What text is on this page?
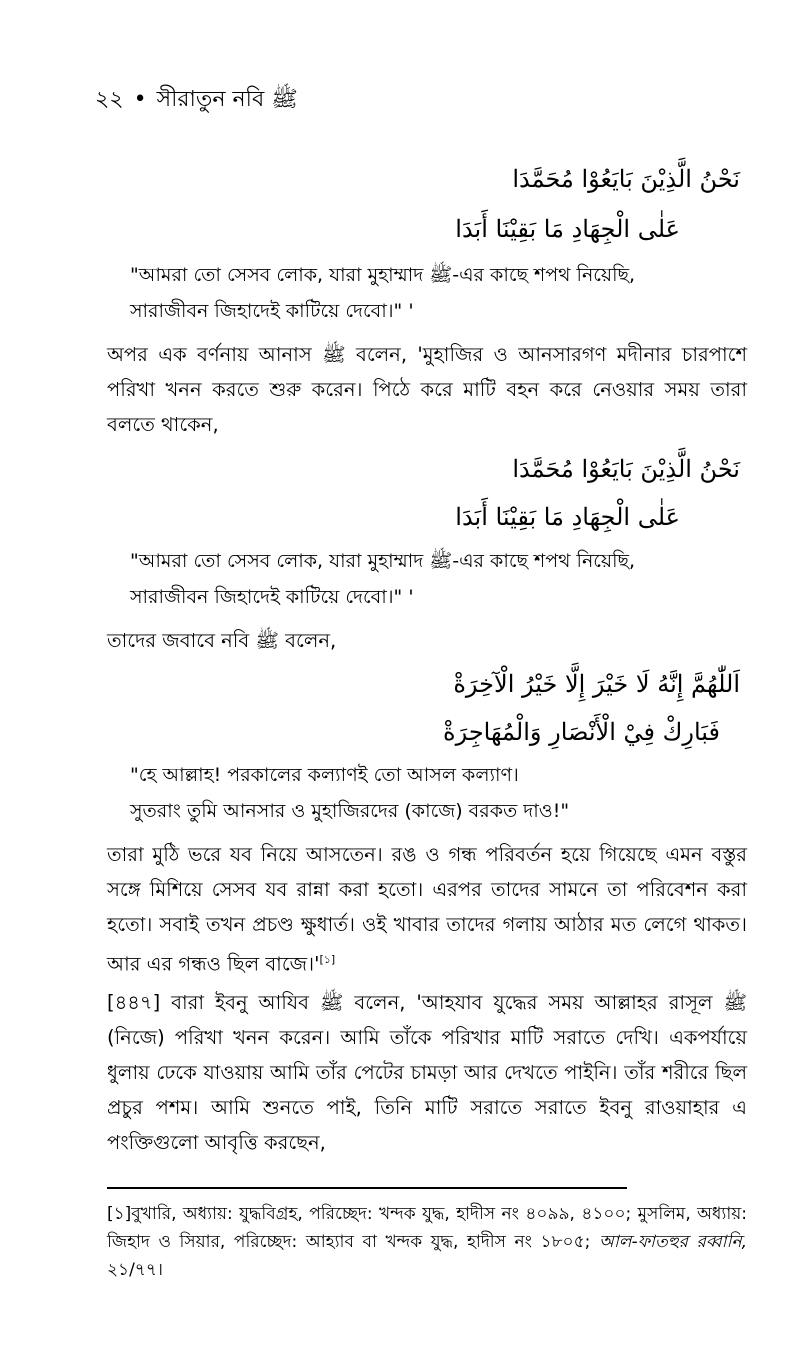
২২ • সীরাতুন নবি ﷺ
نَحْنُ الَّذِيْنَ بَايَعُوْا مُحَمَّدَا
عَلٰى الْجِهَادِ مَا بَقِيْنَا أَبَدَا
"আমরা তো সেসব লোক, যারা মুহাম্মাদ ﷺ-এর কাছে শপথ নিয়েছি,
সারাজীবন জিহাদেই কাটিয়ে দেবো।" '
অপর এক বর্ণনায় আনাস ﷺ বলেন, 'মুহাজির ও আনসারগণ মদীনার চারপাশে পরিখা খনন করতে শুরু করেন। পিঠে করে মাটি বহন করে নেওয়ার সময় তারা বলতে থাকেন,
نَحْنُ الَّذِيْنَ بَايَعُوْا مُحَمَّدَا
عَلٰى الْجِهَادِ مَا بَقِيْنَا أَبَدَا
"আমরা তো সেসব লোক, যারা মুহাম্মাদ ﷺ-এর কাছে শপথ নিয়েছি,
সারাজীবন জিহাদেই কাটিয়ে দেবো।" '
তাদের জবাবে নবি ﷺ বলেন,
اَللّٰهُمَّ إِنَّهُ لَا خَيْرَ إِلَّا خَيْرُ الْآخِرَةْ
فَبَارِكْ فِيْ الْأَنْصَارِ وَالْمُهَاجِرَةْ
"হে আল্লাহ! পরকালের কল্যাণই তো আসল কল্যাণ।
সুতরাং তুমি আনসার ও মুহাজিরদের (কাজে) বরকত দাও!"
তারা মুঠি ভরে যব নিয়ে আসতেন। রঙ ও গন্ধ পরিবর্তন হয়ে গিয়েছে এমন বস্তুর সঙ্গে মিশিয়ে সেসব যব রান্না করা হতো। এরপর তাদের সামনে তা পরিবেশন করা হতো। সবাই তখন প্রচণ্ড ক্ষুধার্ত। ওই খাবার তাদের গলায় আঠার মত লেগে থাকত। আর এর গন্ধও ছিল বাজে।'[১]
[৪৪৭] বারা ইবনু আযিব ﷺ বলেন, 'আহযাব যুদ্ধের সময় আল্লাহর রাসূল ﷺ (নিজে) পরিখা খনন করেন। আমি তাঁকে পরিখার মাটি সরাতে দেখি। একপর্যায়ে ধুলায় ঢেকে যাওয়ায় আমি তাঁর পেটের চামড়া আর দেখতে পাইনি। তাঁর শরীরে ছিল প্রচুর পশম। আমি শুনতে পাই, তিনি মাটি সরাতে সরাতে ইবনু রাওয়াহার এ পংক্তিগুলো আবৃত্তি করছেন,
[১]বুখারি, অধ্যায়: যুদ্ধবিগ্রহ, পরিচ্ছেদ: খন্দক যুদ্ধ, হাদীস নং ৪০৯৯, ৪১০০; মুসলিম, অধ্যায়: জিহাদ ও সিয়ার, পরিচ্ছেদ: আহ্যাব বা খন্দক যুদ্ধ, হাদীস নং ১৮০৫; আল-ফাতহুর রব্বানি, ২১/৭৭।
